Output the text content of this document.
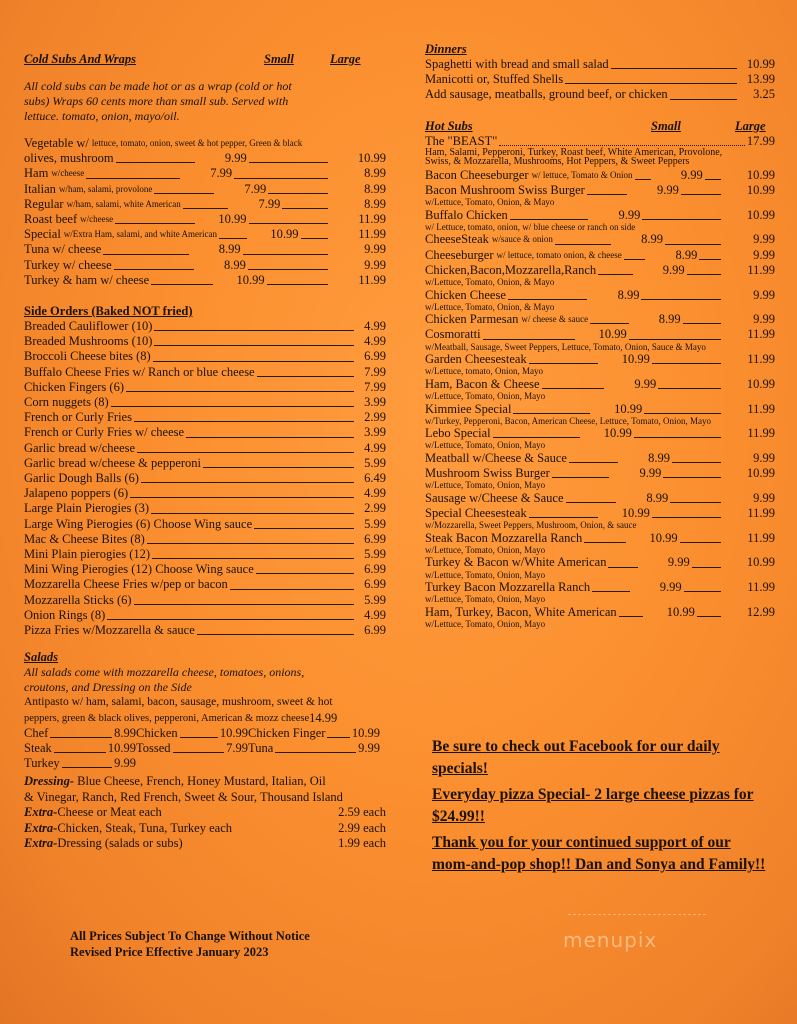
Cold Subs And Wraps	Small	Large
All cold subs can be made hot or as a wrap (cold or hot
subs) Wraps 60 cents more than small sub. Served with
lettuce. tomato, onion, mayo/oil.
Vegetable w/ lettuce, tomato, onion, sweet & hot pepper, Green & black
olives, mushroom	9.99	10.99
Ham w/cheese	7.99	8.99
Italian w/ham, salami, provolone	7.99	8.99
Regular w/ham, salami, white American	7.99	8.99
Roast beef w/cheese	10.99	11.99
Special w/Extra Ham, salami, and white American	10.99	11.99
Tuna w/ cheese	8.99	9.99
Turkey w/ cheese	8.99	9.99
Turkey & ham w/ cheese	10.99	11.99
Side Orders (Baked NOT fried)
Breaded Cauliflower (10)	4.99
Breaded Mushrooms (10)	4.99
Broccoli Cheese bites (8)	6.99
Buffalo Cheese Fries w/ Ranch or blue cheese	7.99
Chicken Fingers (6)	7.99
Corn nuggets (8)	3.99
French or Curly Fries	2.99
French or Curly Fries w/ cheese	3.99
Garlic bread w/cheese	4.99
Garlic bread w/cheese & pepperoni	5.99
Garlic Dough Balls (6)	6.49
Jalapeno poppers (6)	4.99
Large Plain Pierogies (3)	2.99
Large Wing Pierogies (6) Choose Wing sauce	5.99
Mac & Cheese Bites (8)	6.99
Mini Plain pierogies (12)	5.99
Mini Wing Pierogies (12) Choose Wing sauce	6.99
Mozzarella Cheese Fries w/pep or bacon	6.99
Mozzarella Sticks (6)	5.99
Onion Rings (8)	4.99
Pizza Fries w/Mozzarella & sauce	6.99
Salads
All salads come with mozzarella cheese, tomatoes, onions,
croutons, and Dressing on the Side
Antipasto w/ ham, salami, bacon, sausage, mushroom, sweet & hot
peppers, green & black olives, pepperoni, American & mozz cheese 14.99
Chef	8.99 Chicken	10.99 Chicken Finger 10.99
Steak	10.99 Tossed	7.99 Tuna	9.99
Turkey	9.99
Dressing- Blue Cheese, French, Honey Mustard, Italian, Oil
& Vinegar, Ranch, Red French, Sweet & Sour, Thousand Island
Extra- Cheese or Meat each	2.59 each
Extra- Chicken, Steak, Tuna, Turkey each	2.99 each
Extra- Dressing (salads or subs)	1.99 each
Dinners
Spaghetti with bread and small salad	10.99
Manicotti or, Stuffed Shells	13.99
Add sausage, meatballs, ground beef, or chicken	3.25
Hot Subs	Small	Large
The "BEAST"	17.99
Ham, Salami, Pepperoni, Turkey, Roast beef, White American, Provolone,
Swiss, & Mozzarella, Mushrooms, Hot Peppers, & Sweet Peppers
Bacon Cheeseburger w/ lettuce, Tomato & Onion	9.99	10.99
Bacon Mushroom Swiss Burger	9.99	10.99
w/Lettuce, Tomato, Onion, & Mayo
Buffalo Chicken	9.99	10.99
w/ Lettuce, tomato, onion, w/ blue cheese or ranch on side
CheeseSteak w/sauce & onion	8.99	9.99
Cheeseburger w/ lettuce, tomato onion, & cheese	8.99	9.99
Chicken,Bacon,Mozzarella,Ranch	9.99	11.99
w/Lettuce, Tomato, Onion, & Mayo
Chicken Cheese	8.99	9.99
w/Lettuce, Tomato, Onion, & Mayo
Chicken Parmesan w/ cheese & sauce	8.99	9.99
Cosmoratti	10.99	11.99
w/Meatball, Sausage, Sweet Peppers, Lettuce, Tomato, Onion, Sauce & Mayo
Garden Cheesesteak	10.99	11.99
w/Lettuce, tomato, Onion, Mayo
Ham, Bacon & Cheese	9.99	10.99
w/Lettuce, Tomato, Onion, Mayo
Kimmiee Special	10.99	11.99
w/Turkey, Pepperoni, Bacon, American Cheese, Lettuce, Tomato, Onion, Mayo
Lebo Special	10.99	11.99
w/Lettuce, Tomato, Onion, Mayo
Meatball w/Cheese & Sauce	8.99	9.99
Mushroom Swiss Burger	9.99	10.99
w/Lettuce, Tomato, Onion, Mayo
Sausage w/Cheese & Sauce	8.99	9.99
Special Cheesesteak	10.99	11.99
w/Mozzarella, Sweet Peppers, Mushroom, Onion, & sauce
Steak Bacon Mozzarella Ranch	10.99	11.99
w/Lettuce, Tomato, Onion, Mayo
Turkey & Bacon w/White American	9.99	10.99
w/Lettuce, Tomato, Onion, Mayo
Turkey Bacon Mozzarella Ranch	9.99	11.99
w/Lettuce, Tomato, Onion, Mayo
Ham, Turkey, Bacon, White American	10.99	12.99
w/Lettuce, Tomato, Onion, Mayo
Be sure to check out Facebook for our daily specials!
Everyday pizza Special- 2 large cheese pizzas for $24.99!!
Thank you for your continued support of our mom-and-pop shop!! Dan and Sonya and Family!!
All Prices Subject To Change Without Notice
Revised Price Effective January 2023	menupix
